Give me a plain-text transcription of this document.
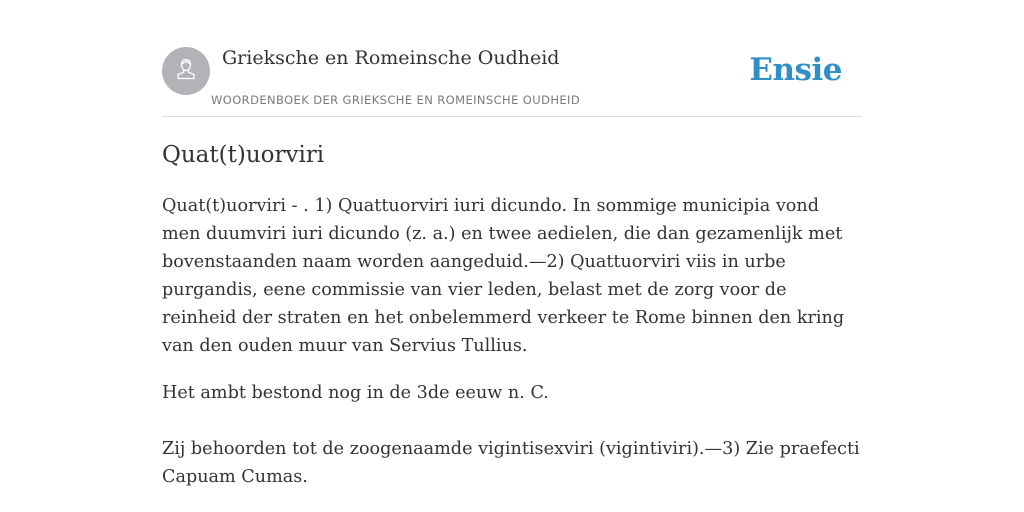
Grieksche en Romeinsche Oudheid
WOORDENBOEK DER GRIEKSCHE EN ROMEINSCHE OUDHEID
Ensie
Quat(t)uorviri

Quat(t)uorviri - . 1) Quattuorviri iuri dicundo. In sommige municipia vond men duumviri iuri dicundo (z. a.) en twee aedielen, die dan gezamenlijk met bovenstaanden naam worden aangeduid.—2) Quattuorviri viis in urbe purgandis, eene commissie van vier leden, belast met de zorg voor de reinheid der straten en het onbelemmerd verkeer te Rome binnen den kring van den ouden muur van Servius Tullius.

Het ambt bestond nog in de 3de eeuw n. C.

Zij behoorden tot de zoogenaamde vigintisexviri (vigintiviri).—3) Zie praefecti Capuam Cumas.
